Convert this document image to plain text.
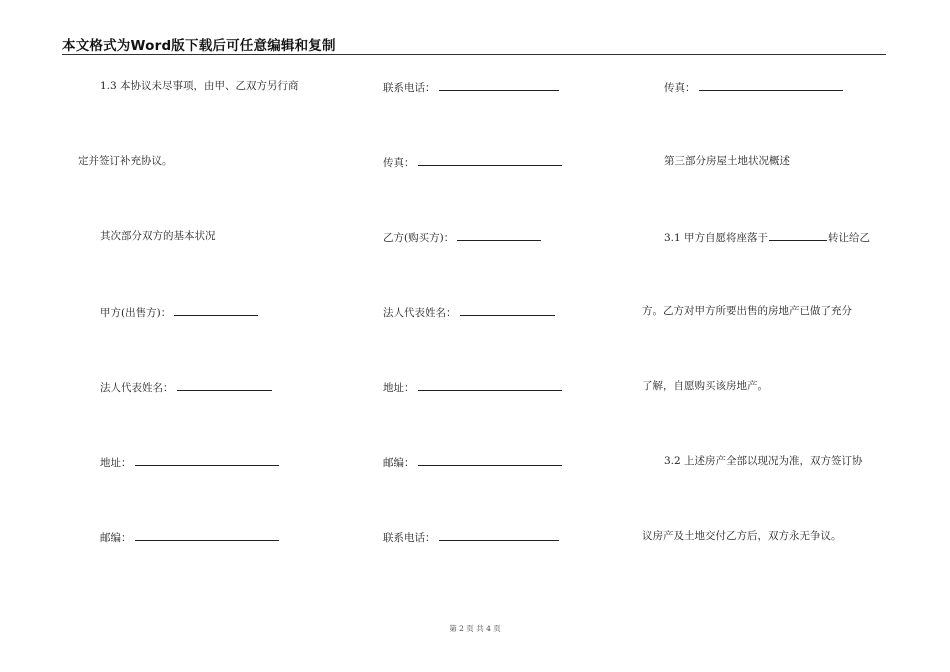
本文格式为Word版下载后可任意编辑和复制
1.3 本协议未尽事项，由甲、乙双方另行商
定并签订补充协议。
其次部分双方的基本状况
甲方(出售方)：
法人代表姓名：
地址：
邮编：
联系电话：
传真：
乙方(购买方)：
法人代表姓名：
地址：
邮编：
联系电话：
传真：
第三部分房屋土地状况概述
3.1 甲方自愿将座落于	转让给乙
方。乙方对甲方所要出售的房地产已做了充分
了解，自愿购买该房地产。
3.2 上述房产全部以现况为准，双方签订协
议房产及土地交付乙方后，双方永无争议。
第 2 页 共 4 页
